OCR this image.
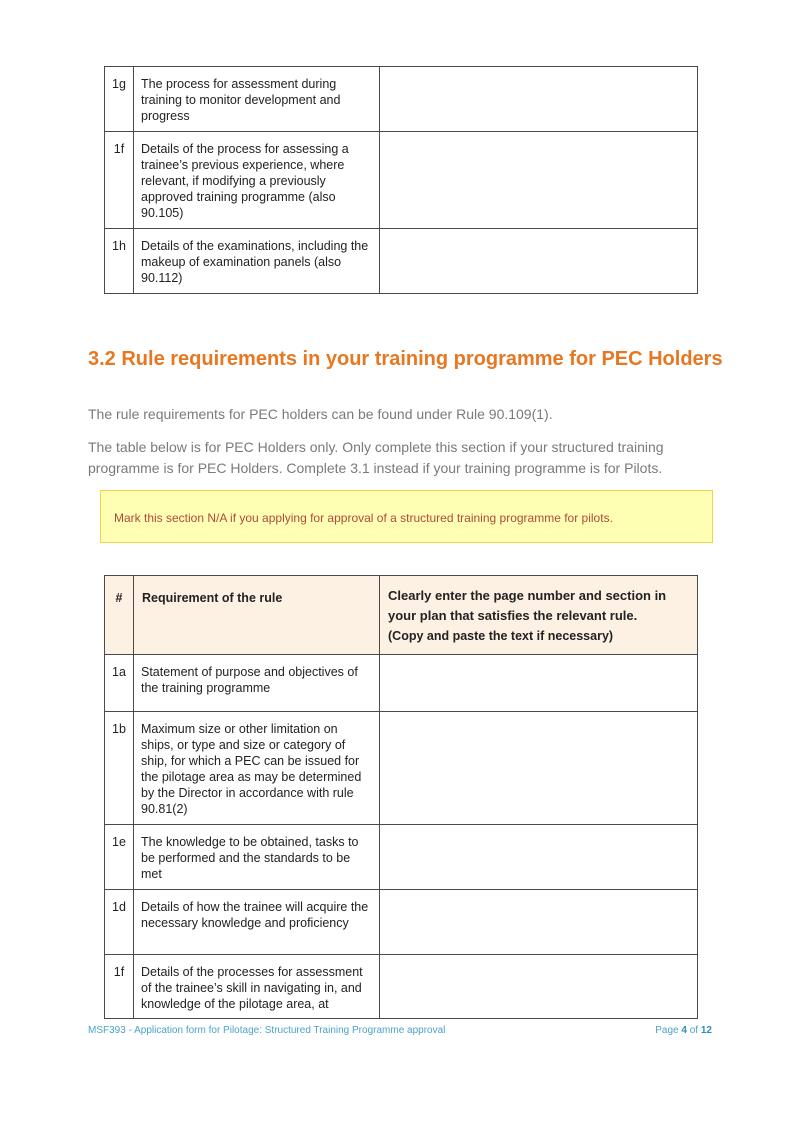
1g	The process for assessment during training to monitor development and progress	
1f	Details of the process for assessing a trainee’s previous experience, where relevant, if modifying a previously approved training programme (also 90.105)	
1h	Details of the examinations, including the makeup of examination panels (also 90.112)	
3.2 Rule requirements in your training programme for PEC Holders

The rule requirements for PEC holders can be found under Rule 90.109(1).

The table below is for PEC Holders only. Only complete this section if your structured training programme is for PEC Holders. Complete 3.1 instead if your training programme is for Pilots.

Mark this section N/A if you applying for approval of a structured training programme for pilots.
#	Requirement of the rule	Clearly enter the page number and section in your plan that satisfies the relevant rule.
(Copy and paste the text if necessary)
1a	Statement of purpose and objectives of the training programme	
1b	Maximum size or other limitation on ships, or type and size or category of ship, for which a PEC can be issued for the pilotage area as may be determined by the Director in accordance with rule 90.81(2)	
1e	The knowledge to be obtained, tasks to be performed and the standards to be met	
1d	Details of how the trainee will acquire the necessary knowledge and proficiency	
1f	Details of the processes for assessment of the trainee’s skill in navigating in, and knowledge of the pilotage area, at	
MSF393 - Application form for Pilotage: Structured Training Programme approval	Page 4 of 12
